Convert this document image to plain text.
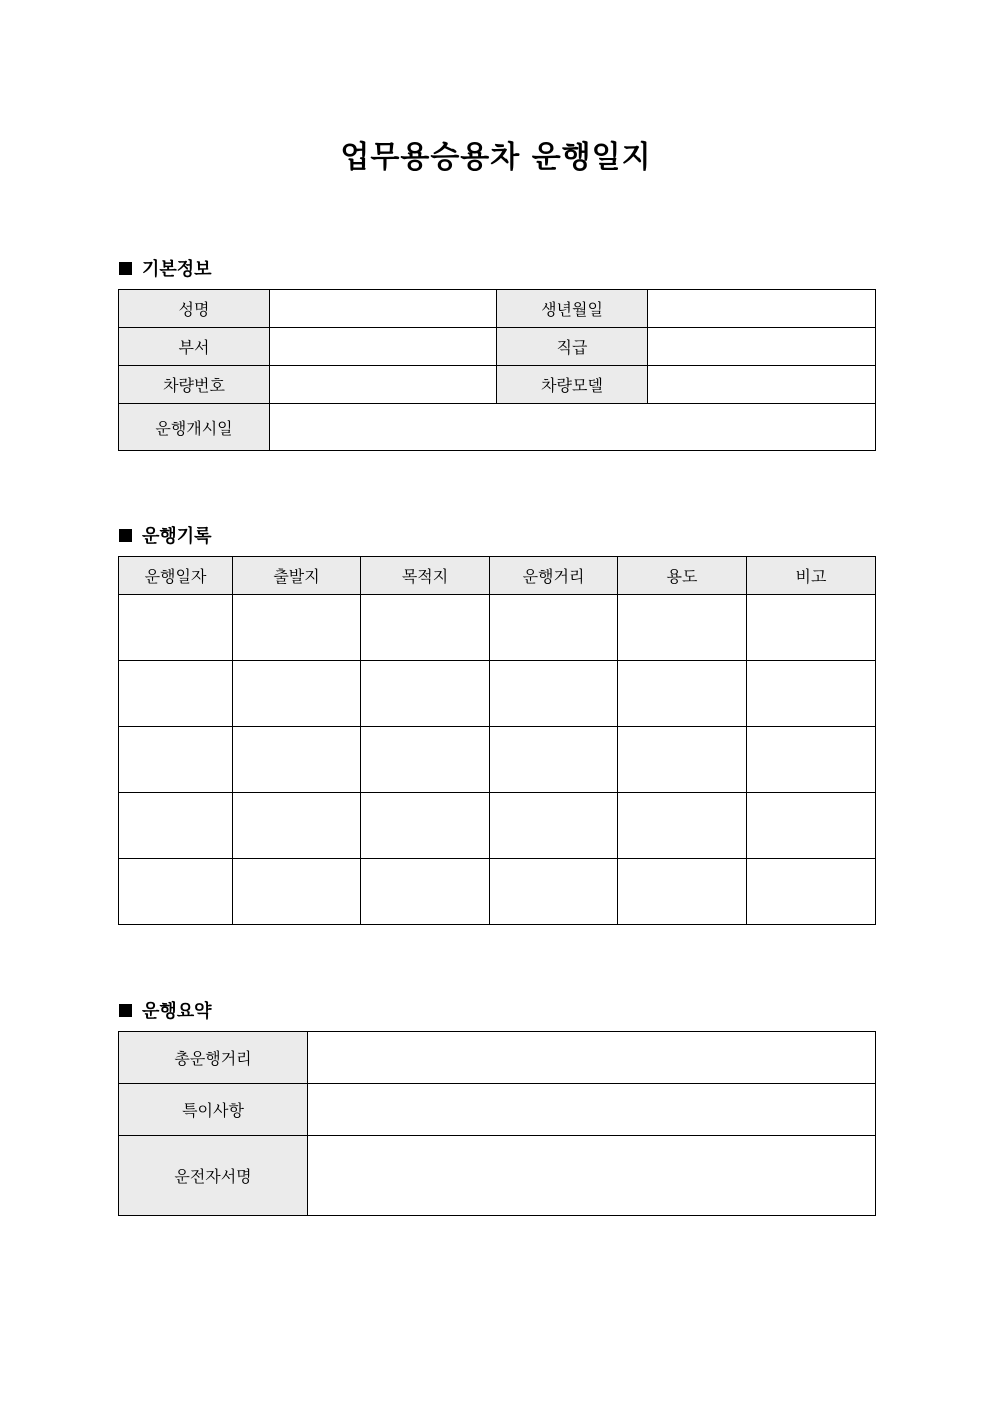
업무용승용차 운행일지
기본정보
성명		생년월일	
부서		직급	
차량번호		차량모델	
운행개시일			
운행기록
운행일자	출발지	목적지	운행거리	용도	비고

운행요약
총운행거리	
특이사항	
운전자서명	
